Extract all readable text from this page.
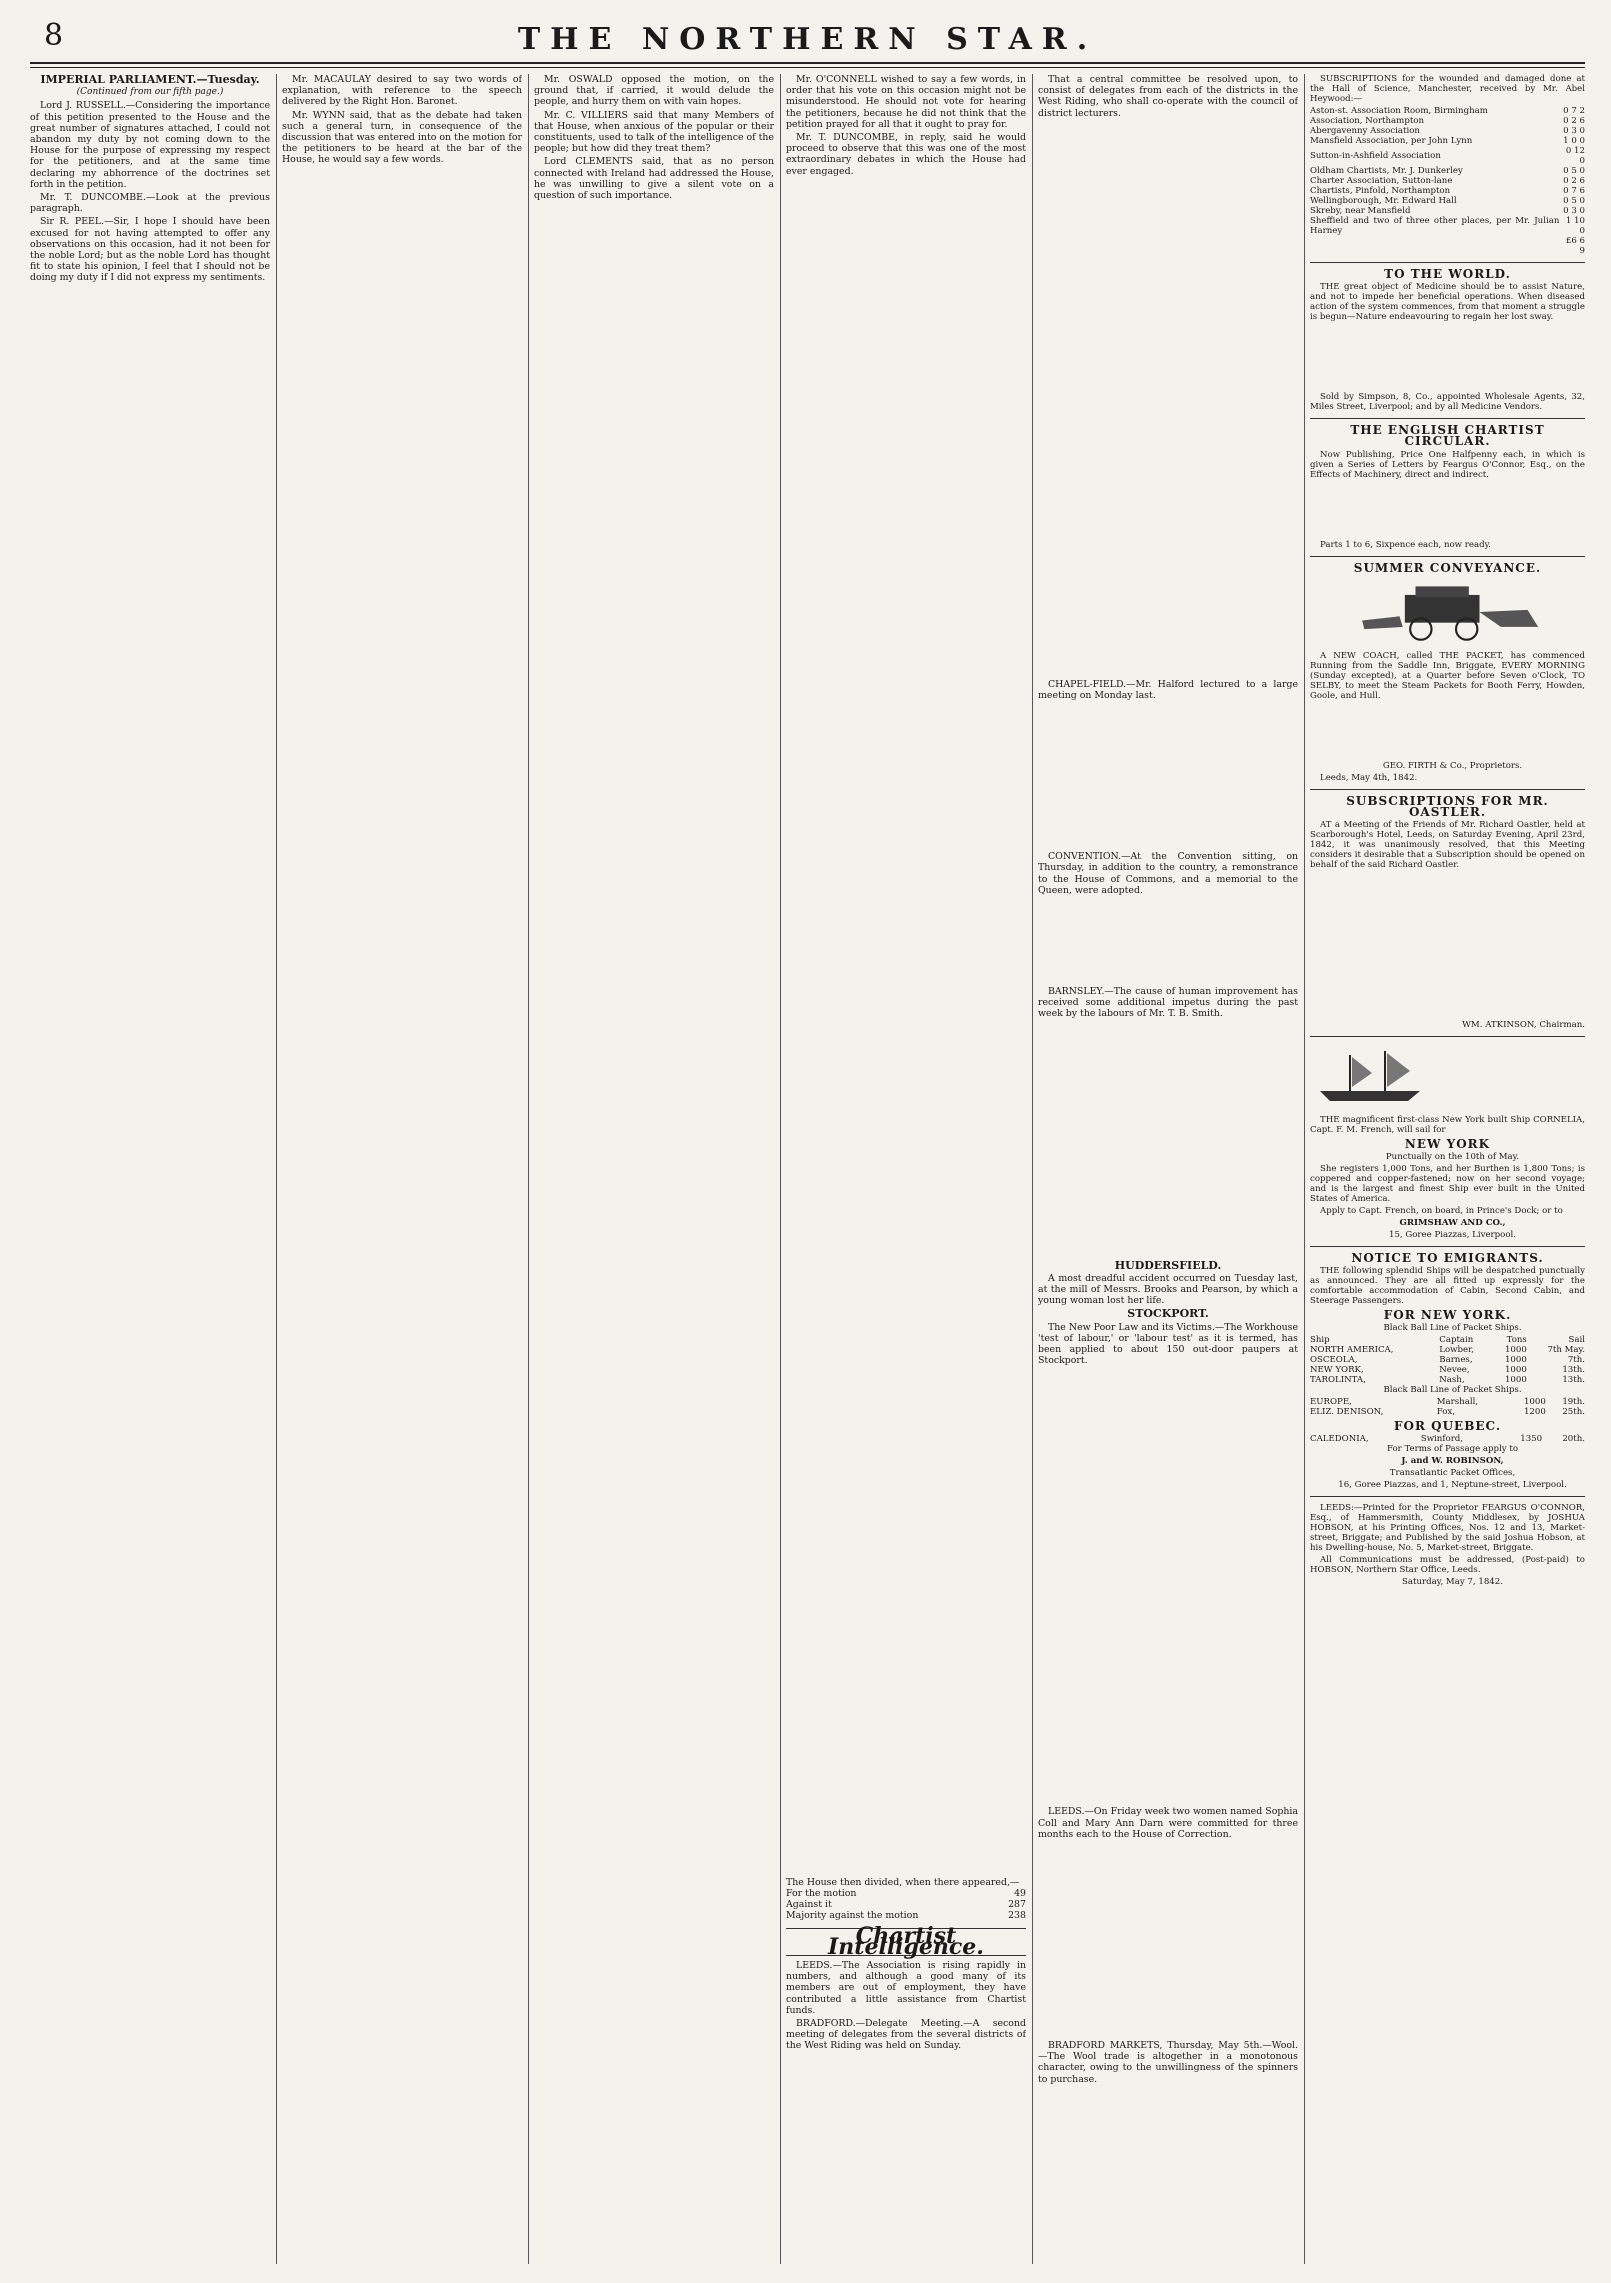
8	THE NORTHERN STAR.

IMPERIAL PARLIAMENT.—Tuesday.

(Continued from our fifth page.)

Lord J. RUSSELL.—Considering the importance of this petition presented to the House and the great number of signatures attached, I could not abandon my duty by not coming down to the House for the purpose of expressing my respect for the petitioners, and at the same time declaring my abhorrence of the doctrines set forth in the petition.

Mr. T. DUNCOMBE.—Look at the previous paragraph.

Sir R. PEEL.—Sir, I hope I should have been excused for not having attempted to offer any observations on this occasion, had it not been for the noble Lord; but as the noble Lord has thought fit to state his opinion, I feel that I should not be doing my duty if I did not express my sentiments.

Mr. MACAULAY desired to say two words of explanation, with reference to the speech delivered by the Right Hon. Baronet.

Mr. WYNN said, that as the debate had taken such a general turn, in consequence of the discussion that was entered into on the motion for the petitioners to be heard at the bar of the House, he would say a few words.

Mr. OSWALD opposed the motion, on the ground that, if carried, it would delude the people, and hurry them on with vain hopes.

Mr. C. VILLIERS said that many Members of that House, when anxious of the popular or their constituents, used to talk of the intelligence of the people; but how did they treat them?

Lord CLEMENTS said, that as no person connected with Ireland had addressed the House, he was unwilling to give a silent vote on a question of such importance.

Mr. O'CONNELL wished to say a few words, in order that his vote on this occasion might not be misunderstood. He should not vote for hearing the petitioners, because he did not think that the petition prayed for all that it ought to pray for.

Mr. T. DUNCOMBE, in reply, said he would proceed to observe that this was one of the most extraordinary debates in which the House had ever engaged.

The House then divided, when there appeared,—	
For the motion	49
Against it	287
Majority against the motion	238
Chartist Intelligence.

LEEDS.—The Association is rising rapidly in numbers, and although a good many of its members are out of employment, they have contributed a little assistance from Chartist funds.

BRADFORD.—Delegate Meeting.—A second meeting of delegates from the several districts of the West Riding was held on Sunday.

That a central committee be resolved upon, to consist of delegates from each of the districts in the West Riding, who shall co-operate with the council of district lecturers.

CHAPEL-FIELD.—Mr. Halford lectured to a large meeting on Monday last.

CONVENTION.—At the Convention sitting, on Thursday, in addition to the country, a remonstrance to the House of Commons, and a memorial to the Queen, were adopted.

BARNSLEY.—The cause of human improvement has received some additional impetus during the past week by the labours of Mr. T. B. Smith.

HUDDERSFIELD.

A most dreadful accident occurred on Tuesday last, at the mill of Messrs. Brooks and Pearson, by which a young woman lost her life.

STOCKPORT.

The New Poor Law and its Victims.—The Workhouse 'test of labour,' or 'labour test' as it is termed, has been applied to about 150 out-door paupers at Stockport.

LEEDS.—On Friday week two women named Sophia Coll and Mary Ann Darn were committed for three months each to the House of Correction.

BRADFORD MARKETS, Thursday, May 5th.—Wool.—The Wool trade is altogether in a monotonous character, owing to the unwillingness of the spinners to purchase.

SUBSCRIPTIONS for the wounded and damaged done at the Hall of Science, Manchester, received by Mr. Abel Heywood:—

Aston-st. Association Room, Birmingham	0 7 2
Association, Northampton	0 2 6
Abergavenny Association	0 3 0
Mansfield Association, per John Lynn	1 0 0
Sutton-in-Ashfield Association	0 12 0
Oldham Chartists, Mr. J. Dunkerley	0 5 0
Charter Association, Sutton-lane	0 2 6
Chartists, Pinfold, Northampton	0 7 6
Wellingborough, Mr. Edward Hall	0 5 0
Skreby, near Mansfield	0 3 0
Sheffield and two of three other places, per Mr. Julian Harney	1 10 0
	£6 6 9
TO THE WORLD.

THE great object of Medicine should be to assist Nature, and not to impede her beneficial operations. When diseased action of the system commences, from that moment a struggle is begun—Nature endeavouring to regain her lost sway.

Sold by Simpson, 8, Co., appointed Wholesale Agents, 32, Miles Street, Liverpool; and by all Medicine Vendors.

THE ENGLISH CHARTIST CIRCULAR.

Now Publishing, Price One Halfpenny each, in which is given a Series of Letters by Feargus O'Connor, Esq., on the Effects of Machinery, direct and indirect.

Parts 1 to 6, Sixpence each, now ready.

SUMMER CONVEYANCE.

A NEW COACH, called THE PACKET, has commenced Running from the Saddle Inn, Briggate, EVERY MORNING (Sunday excepted), at a Quarter before Seven o'Clock, TO SELBY, to meet the Steam Packets for Booth Ferry, Howden, Goole, and Hull.

GEO. FIRTH & Co., Proprietors.

Leeds, May 4th, 1842.

SUBSCRIPTIONS FOR MR. OASTLER.

AT a Meeting of the Friends of Mr. Richard Oastler, held at Scarborough's Hotel, Leeds, on Saturday Evening, April 23rd, 1842, it was unanimously resolved, that this Meeting considers it desirable that a Subscription should be opened on behalf of the said Richard Oastler.

WM. ATKINSON, Chairman.

THE magnificent first-class New York built Ship CORNELIA, Capt. F. M. French, will sail for

NEW YORK

Punctually on the 10th of May.

She registers 1,000 Tons, and her Burthen is 1,800 Tons; is coppered and copper-fastened; now on her second voyage; and is the largest and finest Ship ever built in the United States of America.

Apply to Capt. French, on board, in Prince's Dock; or to

GRIMSHAW AND CO.,

15, Goree Piazzas, Liverpool.

NOTICE TO EMIGRANTS.

THE following splendid Ships will be despatched punctually as announced. They are all fitted up expressly for the comfortable accommodation of Cabin, Second Cabin, and Steerage Passengers.

FOR NEW YORK.

Black Ball Line of Packet Ships.

Ship	Captain	Tons	Sail
NORTH AMERICA,	Lowber,	1000	7th May.
OSCEOLA,	Barnes,	1000	7th.
NEW YORK,	Nevee,	1000	13th.
TAROLINTA,	Nash,	1000	13th.

Black Ball Line of Packet Ships.

EUROPE,	Marshall,	1000	19th.
ELIZ. DENISON,	Fox,	1200	25th.
FOR QUEBEC.
CALEDONIA,	Swinford,	1350	20th.

For Terms of Passage apply to

J. and W. ROBINSON,

Transatlantic Packet Offices,

16, Goree Piazzas, and 1, Neptune-street, Liverpool.

LEEDS:—Printed for the Proprietor FEARGUS O'CONNOR, Esq., of Hammersmith, County Middlesex, by JOSHUA HOBSON, at his Printing Offices, Nos. 12 and 13, Market-street, Briggate; and Published by the said Joshua Hobson, at his Dwelling-house, No. 5, Market-street, Briggate.

All Communications must be addressed, (Post-paid) to HOBSON, Northern Star Office, Leeds.

Saturday, May 7, 1842.
